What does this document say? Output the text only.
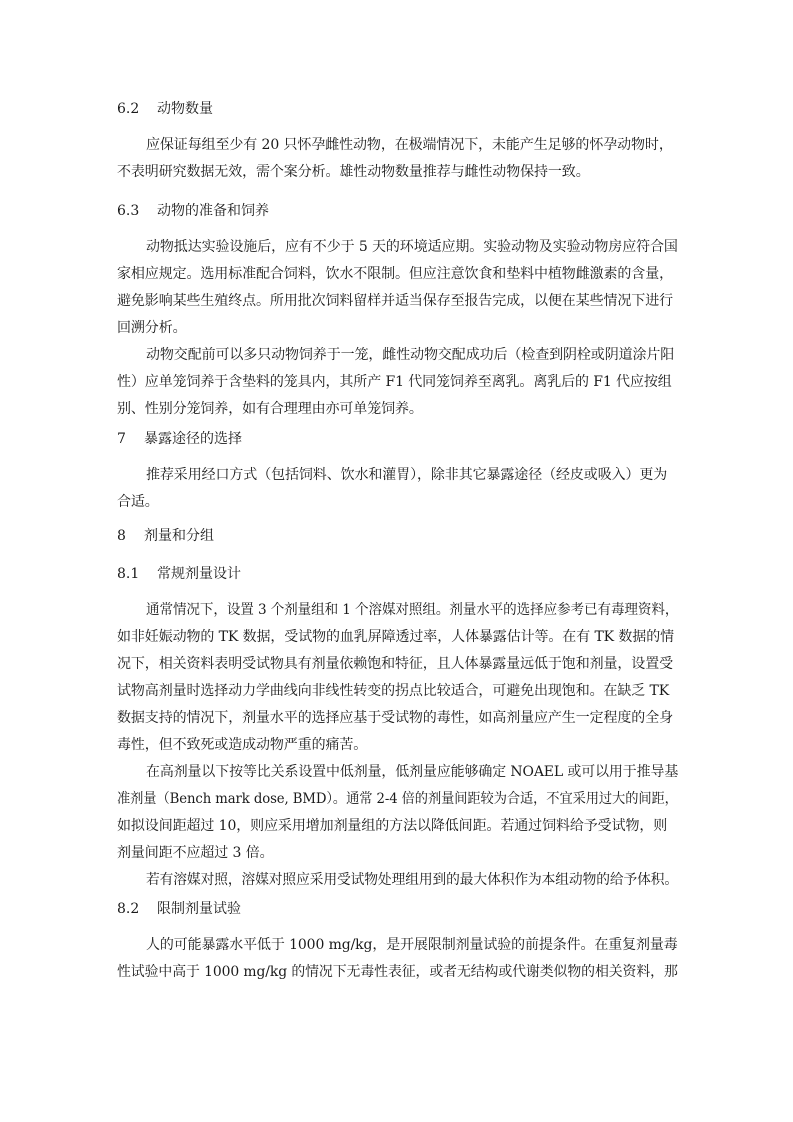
6.2 动物数量
应保证每组至少有 20 只怀孕雌性动物，在极端情况下，未能产生足够的怀孕动物时，
不表明研究数据无效，需个案分析。雄性动物数量推荐与雌性动物保持一致。
6.3 动物的准备和饲养
动物抵达实验设施后，应有不少于 5 天的环境适应期。实验动物及实验动物房应符合国
家相应规定。选用标准配合饲料，饮水不限制。但应注意饮食和垫料中植物雌激素的含量，
避免影响某些生殖终点。所用批次饲料留样并适当保存至报告完成，以便在某些情况下进行
回溯分析。
动物交配前可以多只动物饲养于一笼，雌性动物交配成功后（检查到阴栓或阴道涂片阳
性）应单笼饲养于含垫料的笼具内，其所产 F1 代同笼饲养至离乳。离乳后的 F1 代应按组
别、性别分笼饲养，如有合理理由亦可单笼饲养。
7 暴露途径的选择
推荐采用经口方式（包括饲料、饮水和灌胃），除非其它暴露途径（经皮或吸入）更为
合适。
8 剂量和分组
8.1 常规剂量设计
通常情况下，设置 3 个剂量组和 1 个溶媒对照组。剂量水平的选择应参考已有毒理资料，
如非妊娠动物的 TK 数据，受试物的血乳屏障透过率，人体暴露估计等。在有 TK 数据的情
况下，相关资料表明受试物具有剂量依赖饱和特征，且人体暴露量远低于饱和剂量，设置受
试物高剂量时选择动力学曲线向非线性转变的拐点比较适合，可避免出现饱和。在缺乏 TK
数据支持的情况下，剂量水平的选择应基于受试物的毒性，如高剂量应产生一定程度的全身
毒性，但不致死或造成动物严重的痛苦。
在高剂量以下按等比关系设置中低剂量，低剂量应能够确定 NOAEL 或可以用于推导基
准剂量（Bench mark dose, BMD）。通常 2-4 倍的剂量间距较为合适，不宜采用过大的间距，
如拟设间距超过 10，则应采用增加剂量组的方法以降低间距。若通过饲料给予受试物，则
剂量间距不应超过 3 倍。
若有溶媒对照，溶媒对照应采用受试物处理组用到的最大体积作为本组动物的给予体积。
8.2 限制剂量试验
人的可能暴露水平低于 1000 mg/kg，是开展限制剂量试验的前提条件。在重复剂量毒
性试验中高于 1000 mg/kg 的情况下无毒性表征，或者无结构或代谢类似物的相关资料，那
